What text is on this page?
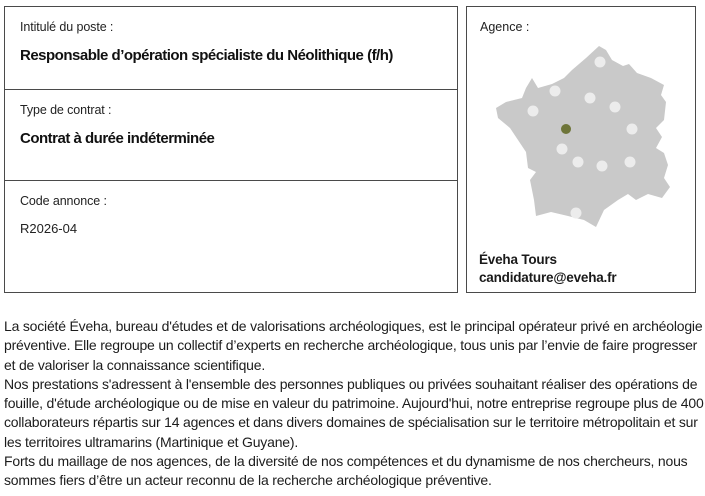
Intitulé du poste :
Responsable d’opération spécialiste du Néolithique (f/h)
Type de contrat :
Contrat à durée indéterminée
Code annonce :
R2026-04
Agence :
Éveha Tours
candidature@eveha.fr

La société Éveha, bureau d'études et de valorisations archéologiques, est le principal opérateur privé en archéologie préventive. Elle regroupe un collectif d’experts en recherche archéologique, tous unis par l’envie de faire progresser et de valoriser la connaissance scientifique.

Nos prestations s'adressent à l'ensemble des personnes publiques ou privées souhaitant réaliser des opérations de fouille, d'étude archéologique ou de mise en valeur du patrimoine. Aujourd'hui, notre entreprise regroupe plus de 400 collaborateurs répartis sur 14 agences et dans divers domaines de spécialisation sur le territoire métropolitain et sur les territoires ultramarins (Martinique et Guyane).

Forts du maillage de nos agences, de la diversité de nos compétences et du dynamisme de nos chercheurs, nous sommes fiers d’être un acteur reconnu de la recherche archéologique préventive.
